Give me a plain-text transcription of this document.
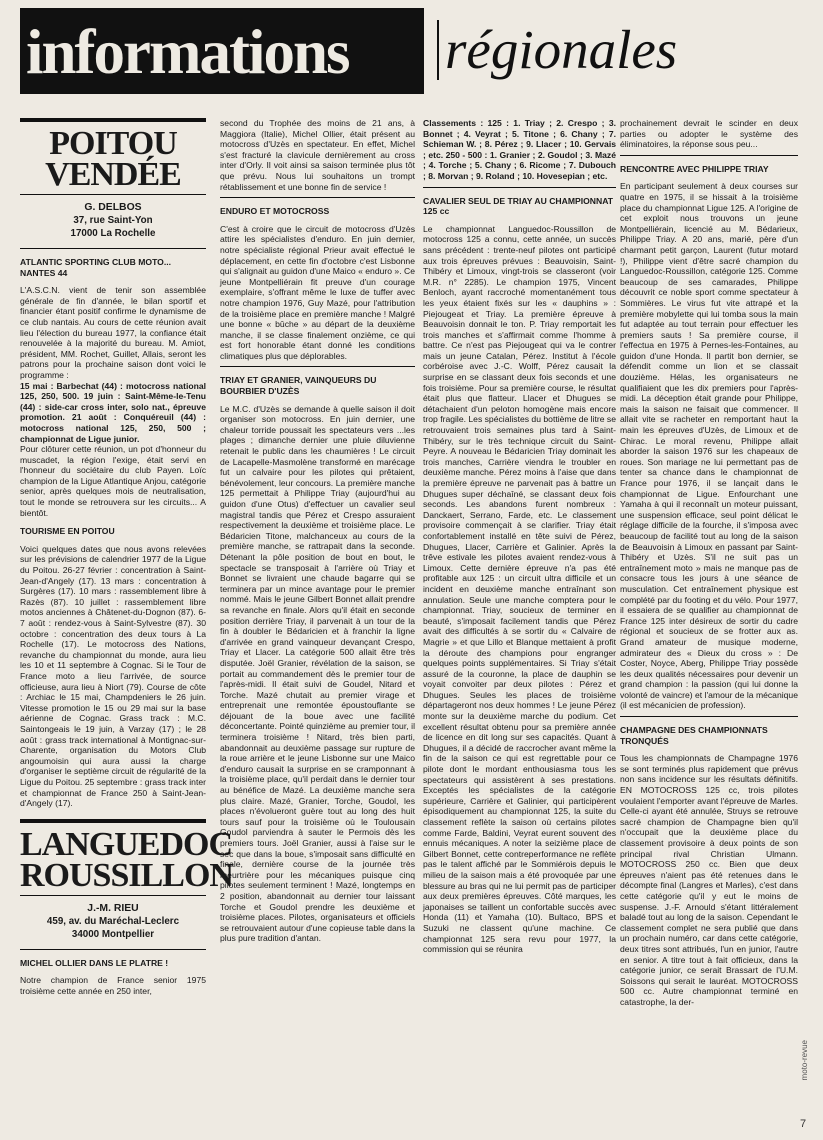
informations régionales
POITOU
VENDÉE
G. DELBOS
37, rue Saint-Yon
17000 La Rochelle
ATLANTIC SPORTING CLUB MOTO... NANTES 44

L'A.S.C.N. vient de tenir son assemblée générale de fin d'année, le bilan sportif et financier étant positif confirme le dynamisme de ce club nantais. Au cours de cette réunion avait lieu l'élection du bureau 1977, la confiance était renouvelée à la majorité du bureau. M. Amiot, président, MM. Rochet, Guillet, Allais, seront les patrons pour la prochaine saison dont voici le programme :

15 mai : Barbechat (44) : motocross national 125, 250, 500. 19 juin : Saint-Même-le-Tenu (44) : side-car cross inter, solo nat., épreuve promotion. 21 août : Conquéreuil (44) : motocross national 125, 250, 500 ; championnat de Ligue junior.

Pour clôturer cette réunion, un pot d'honneur du muscadet, la région l'exige, était servi en l'honneur du sociétaire du club Payen. Loïc champion de la Ligue Atlantique Anjou, catégorie senior, après quelques mois de neutralisation, tout le monde se retrouvera sur les circuits... A bientôt.

TOURISME EN POITOU

Voici quelques dates que nous avons relevées sur les prévisions de calendrier 1977 de la Ligue du Poitou. 26-27 février : concentration à Saint-Jean-d'Angely (17). 13 mars : concentration à Surgères (17). 10 mars : rassemblement libre à Razès (87). 10 juillet : rassemblement libre motos anciennes à Châtenet-du-Dognon (87). 6-7 août : rendez-vous à Saint-Sylvestre (87). 30 octobre : concentration des deux tours à La Rochelle (17). Le motocross des Nations, revanche du championnat du monde, aura lieu les 10 et 11 septembre à Cognac. Si le Tour de France moto a lieu l'arrivée, de source officieuse, aura lieu à Niort (79). Course de côte : Archiac le 15 mai, Champdeniers le 26 juin. Vitesse promotion le 15 ou 29 mai sur la base aérienne de Cognac. Grass track : M.C. Saintongeais le 19 juin, à Varzay (17) ; le 28 août : grass track international à Montignac-sur-Charente, organisation du Motors Club angoumoisin qui aura aussi la charge d'organiser le septième circuit de régularité de la Ligue du Poitou. 25 septembre : grass track inter et championnat de France 250 à Saint-Jean-d'Angely (17).

LANGUEDOC
ROUSSILLON
J.-M. RIEU
459, av. du Maréchal-Leclerc
34000 Montpellier
MICHEL OLLIER DANS LE PLATRE !

Notre champion de France senior 1975 troisième cette année en 250 inter,

second du Trophée des moins de 21 ans, à Maggiora (Italie), Michel Ollier, était présent au motocross d'Uzès en spectateur. En effet, Michel s'est fracturé la clavicule dernièrement au cross inter d'Orly. Il voit ainsi sa saison terminée plus tôt que prévu. Nous lui souhaitons un trompt rétablissement et une bonne fin de service !

ENDURO ET MOTOCROSS

C'est à croire que le circuit de motocross d'Uzès attire les spécialistes d'enduro. En juin dernier, notre spécialiste régional Prieur avait effectué le déplacement, en cette fin d'octobre c'est Lisbonne qui s'alignait au guidon d'une Maico « enduro ». Ce jeune Montpelliérain fit preuve d'un courage exemplaire, s'offrant même le luxe de tuffer avec notre champion 1976, Guy Mazé, pour l'attribution de la troisième place en première manche ! Malgré une bonne « bûche » au départ de la deuxième manche, il se classe finalement onzième, ce qui est fort honorable étant donné les conditions climatiques plus que déplorables.

TRIAY ET GRANIER, VAINQUEURS DU BOURBIER D'UZÈS

Le M.C. d'Uzès se demande à quelle saison il doit organiser son motocross. En juin dernier, une chaleur torride poussait les spectateurs vers ...les plages ; dimanche dernier une pluie diluvienne retenait le public dans les chaumières ! Le circuit de Lacapelle-Masmolène transformé en marécage fut un calvaire pour les pilotes qui prêtaient, bénévolement, leur concours. La première manche 125 permettait à Philippe Triay (aujourd'hui au guidon d'une Otus) d'effectuer un cavalier seul magistral tandis que Pérez et Crespo assuraient respectivement la deuxième et troisième place. Le Bédaricien Titone, malchanceux au cours de la première manche, se rattrapait dans la seconde. Détenant la pôle position de bout en bout, le spectacle se transposait à l'arrière où Triay et Bonnet se livraient une chaude bagarre qui se terminera par un mince avantage pour le premier nommé. Mais le jeune Gilbert Bonnet allait prendre sa revanche en finale. Alors qu'il était en seconde position derrière Triay, il parvenait à un tour de la fin à doubler le Bédaricien et à franchir la ligne d'arrivée en grand vainqueur devançant Crespo, Triay et Llacer. La catégorie 500 allait être très disputée. Joël Granier, révélation de la saison, se portait au commandement dès le premier tour de l'après-midi. Il était suivi de Goudel, Nitard et Torche. Mazé chutait au premier virage et entreprenait une remontée époustouflante se déjouant de la boue avec une facilité déconcertante. Pointé quinzième au premier tour, il terminera troisième ! Nitard, très bien parti, abandonnait au deuxième passage sur rupture de la roue arrière et le jeune Lisbonne sur une Maico d'enduro causait la surprise en se cramponnant à la troisième place, qu'il perdait dans le dernier tour au bénéfice de Mazé. La deuxième manche sera plus claire. Mazé, Granier, Torche, Goudol, les places n'évolueront guère tout au long des huit tours sauf pour la troisième où le Toulousain Goudol parviendra à sauter le Permois dès les premiers tours. Joël Granier, aussi à l'aise sur le sec que dans la boue, s'imposait sans difficulté en finale, dernière course de la journée très meurtrière pour les mécaniques puisque cinq pilotes seulement terminent ! Mazé, longtemps en 2 position, abandonnait au dernier tour laissant Torche et Goudol prendre les deuxième et troisième places. Pilotes, organisateurs et officiels se retrouvaient autour d'une copieuse table dans la plus pure tradition d'antan.

Classements : 125 : 1. Triay ; 2. Crespo ; 3. Bonnet ; 4. Veyrat ; 5. Titone ; 6. Chany ; 7. Schieman W. ; 8. Pérez ; 9. Llacer ; 10. Gervais ; etc. 250 - 500 : 1. Granier ; 2. Goudol ; 3. Mazé ; 4. Torche ; 5. Chany ; 6. Ricome ; 7. Dubouch ; 8. Morvan ; 9. Roland ; 10. Hovesepian ; etc.

CAVALIER SEUL DE TRIAY AU CHAMPIONNAT 125 cc

Le championnat Languedoc-Roussillon de motocross 125 a connu, cette année, un succès sans précédent : trente-neuf pilotes ont participé aux trois épreuves prévues : Beauvoisin, Saint-Thibéry et Limoux, vingt-trois se classeront (voir M.R. n° 2285). Le champion 1975, Vincent Benloch, ayant raccroché momentanément tous les yeux étaient fixés sur les « dauphins » : Piejougeat et Triay. La première épreuve à Beauvoisin donnait le ton. P. Triay remportait les trois manches et s'affirmait comme l'homme à battre. Ce n'est pas Piejougeat qui va le contrer mais un jeune Catalan, Pérez. Institut à l'école corbéroise avec J.-C. Wolff, Pérez causait la surprise en se classant deux fois seconds et une fois troisième. Pour sa première course, le résultat était plus que flatteur. Llacer et Dhugues se détachaient d'un peloton homogène mais encore trop fragile. Les spécialistes du bottième de litre se retrouvaient trois semaines plus tard à Saint-Thibéry, sur le très technique circuit du Saint-Peyre. A nouveau le Bédaricien Triay dominait les trois manches, Carrière viendra le troubler en deuxième manche. Pérez moins à l'aise que dans la première épreuve ne parvenait pas à battre un Dhugues super déchaîné, se classant deux fois seconds. Les abandons furent nombreux : Danckaert, Serrano, Farde, etc. Le classement provisoire commençait à se clarifier. Triay était confortablement installé en tête suivi de Pérez, Dhugues, Llacer, Carrière et Galinier. Après la trêve estivale les pilotes avaient rendez-vous à Limoux. Cette dernière épreuve n'a pas été profitable aux 125 : un circuit ultra difficile et un incident en deuxième manche entraînant son annulation. Seule une manche comptera pour le championnat. Triay, soucieux de terminer en beauté, s'imposait facilement tandis que Pérez avait des difficultés à se sortir du « Calvaire de Magrie » et que Lillo et Blanque mettaient à profit la déroute des champions pour engranger quelques points supplémentaires. Si Triay s'était assuré de la couronne, la place de dauphin se voyait convoiter par deux pilotes : Pérez et Dhugues. Seules les places de troisième départageront nos deux hommes ! Le jeune Pérez monte sur la deuxième marche du podium. Cet excellent résultat obtenu pour sa première année de licence en dit long sur ses capacités. Quant à Dhugues, il a décidé de raccrocher avant même la fin de la saison ce qui est regrettable pour ce pilote dont le mordant enthousiasma tous les spectateurs qui assistèrent à ses prestations. Exceptés les spécialistes de la catégorie supérieure, Carrière et Galinier, qui participèrent épisodiquement au championnat 125, la suite du classement reflète la saison où certains pilotes comme Farde, Baldini, Veyrat eurent souvent des ennuis mécaniques. A noter la seizième place de Gilbert Bonnet, cette contreperformance ne reflète pas le talent affiché par le Sommiérois depuis le milieu de la saison mais a été provoquée par une blessure au bras qui ne lui permit pas de participer aux deux premières épreuves. Côté marques, les japonaises se taillent un confortable succès avec Honda (11) et Yamaha (10). Bultaco, BPS et Suzuki ne classent qu'une machine. Ce championnat 125 sera revu pour 1977, la commission qui se réunira

prochainement devrait le scinder en deux parties ou adopter le système des éliminatoires, la réponse sous peu...

RENCONTRE AVEC PHILIPPE TRIAY

En participant seulement à deux courses sur quatre en 1975, il se hissait à la troisième place du championnat Ligue 125. A l'origine de cet exploit nous trouvons un jeune Montpelliérain, licencié au M. Bédarieux, Philippe Triay. A 20 ans, marié, père d'un charmant petit garçon, Laurent (futur motard !), Philippe vient d'être sacré champion du Languedoc-Roussillon, catégorie 125. Comme beaucoup de ses camarades, Philippe découvrit ce noble sport comme spectateur à Sommières. Le virus fut vite attrapé et la première mobylette qui lui tomba sous la main fut adaptée au tout terrain pour effectuer les premiers sauts ! Sa première course, il l'effectua en 1975 à Pernes-les-Fontaines, au guidon d'une Honda. Il partit bon dernier, se défendit comme un lion et se classait douzième. Hélas, les organisateurs ne qualifiaient que les dix premiers pour l'après-midi. La déception était grande pour Philippe, mais la saison ne faisait que commencer. Il allait vite se racheter en remportant haut la main les épreuves d'Uzès, de Limoux et de Chirac. Le moral revenu, Philippe allait aborder la saison 1976 sur les chapeaux de roues. Son mariage ne lui permettant pas de tenter sa chance dans le championnat de France pour 1976, il se lançait dans le championnat de Ligue. Enfourchant une Yamaha à qui il reconnaît un moteur puissant, une suspension efficace, seul point délicat le réglage difficile de la fourche, il s'imposa avec beaucoup de facilité tout au long de la saison de Beauvoisin à Limoux en passant par Saint-Thibéry et Uzès. S'il ne suit pas un entraînement moto » mais ne manque pas de consacre tous les jours à une séance de musculation. Cet entraînement physique est complété par du footing et du vélo. Pour 1977, il essaiera de se qualifier au championnat de France 125 inter désireux de sortir du cadre régional et soucieux de se frotter aux as. Grand amateur de musique moderne, admirateur des « Dieux du cross » : De Coster, Noyce, Aberg, Philippe Triay possède les deux qualités nécessaires pour devenir un grand champion : la passion (qui lui donne la volonté de vaincre) et l'amour de la mécanique (il est mécanicien de profession).

CHAMPAGNE DES CHAMPIONNATS TRONQUÉS

Tous les championnats de Champagne 1976 se sont terminés plus rapidement que prévus non sans incidence sur les résultats définitifs. EN MOTOCROSS 125 cc, trois pilotes voulaient l'emporter avant l'épreuve de Marles. Celle-ci ayant été annulée, Struys se retrouve sacré champion de Champagne bien qu'il n'occupait que la deuxième place du classement provisoire à deux points de son principal rival Christian Ulmann. MOTOCROSS 250 cc. Bien que deux épreuves n'aient pas été retenues dans le décompte final (Langres et Marles), c'est dans cette catégorie qu'il y eut le moins de suspense. J.-F. Arnould s'étant littéralement baladé tout au long de la saison. Cependant le classement complet ne sera publié que dans un prochain numéro, car dans cette catégorie, deux titres sont attribués, l'un en junior, l'autre en senior. A titre tout à fait officieux, dans la catégorie junior, ce serait Brassart de l'U.M. Soissons qui serait le lauréat. MOTOCROSS 500 cc. Autre championnat terminé en catastrophe, la der-

moto-revue
7
